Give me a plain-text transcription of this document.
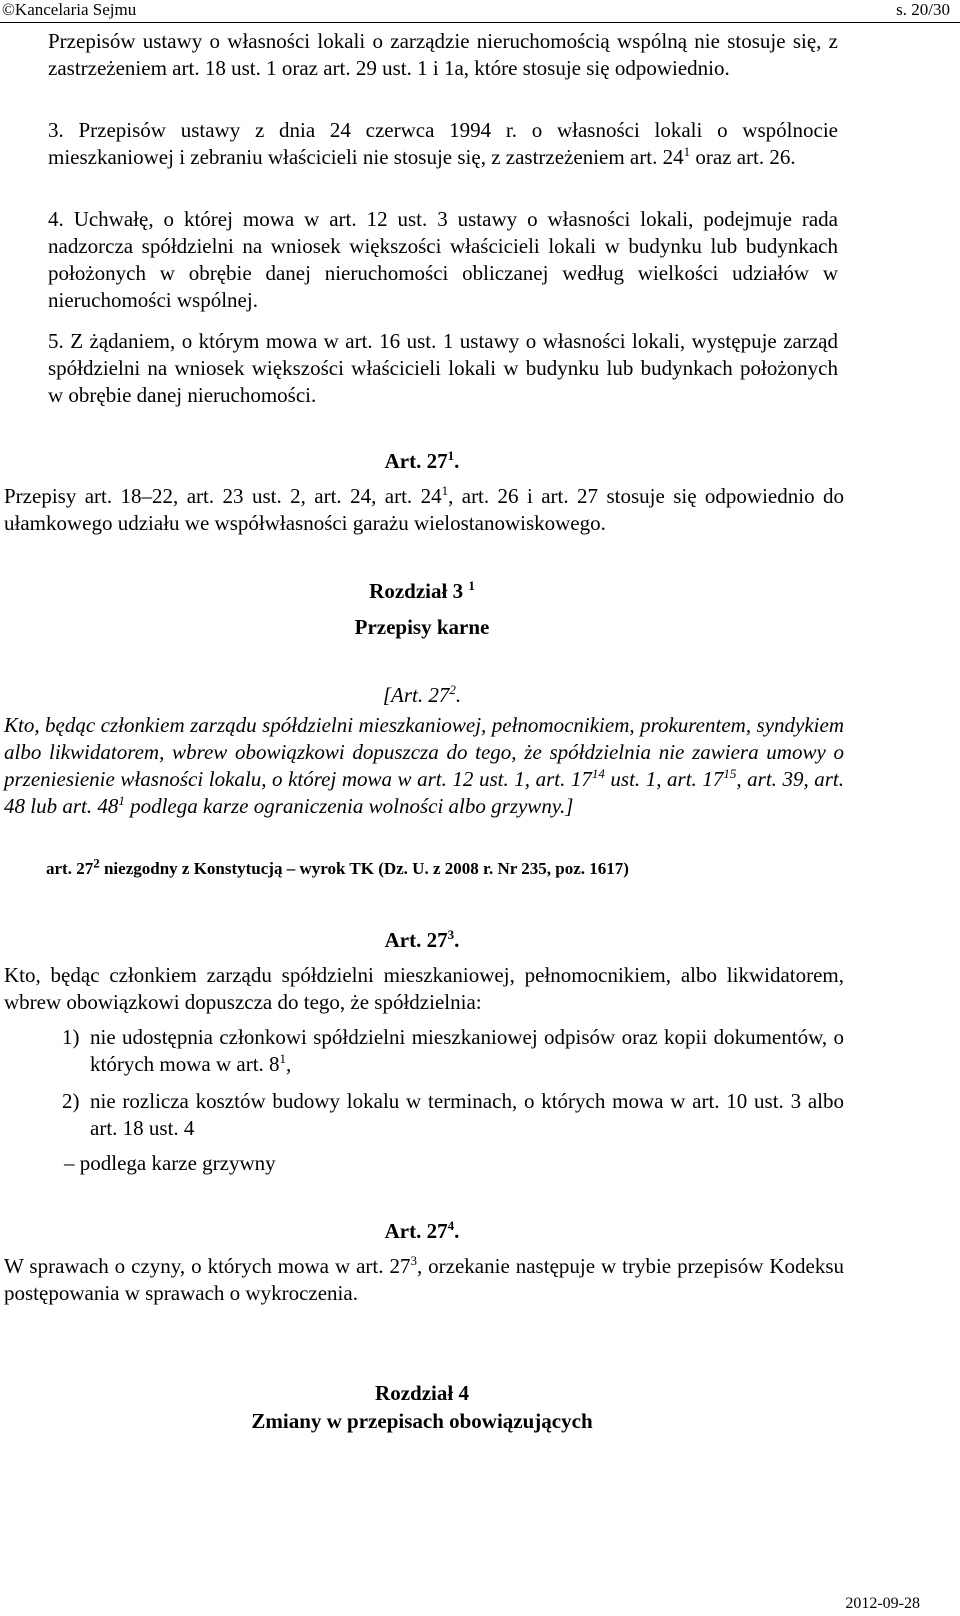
©Kancelaria Sejmu	s. 20/30
Przepisów ustawy o własności lokali o zarządzie nieruchomością wspólną nie stosuje się, z zastrzeżeniem art. 18 ust. 1 oraz art. 29 ust. 1 i 1a, które stosuje się odpowiednio.
3. Przepisów ustawy z dnia 24 czerwca 1994 r. o własności lokali o wspólnocie mieszkaniowej i zebraniu właścicieli nie stosuje się, z zastrzeżeniem art. $24^1$ oraz art. 26.
4. Uchwałę, o której mowa w art. 12 ust. 3 ustawy o własności lokali, podejmuje rada nadzorcza spółdzielni na wniosek większości właścicieli lokali w budynku lub budynkach położonych w obrębie danej nieruchomości obliczanej według wielkości udziałów w nieruchomości wspólnej.
5. Z żądaniem, o którym mowa w art. 16 ust. 1 ustawy o własności lokali, występuje zarząd spółdzielni na wniosek większości właścicieli lokali w budynku lub budynkach położonych w obrębie danej nieruchomości.
Art. $27^1$.
Przepisy art. 18–22, art. 23 ust. 2, art. 24, art. $24^1$, art. 26 i art. 27 stosuje się odpowiednio do ułamkowego udziału we współwłasności garażu wielostanowiskowego.
Rozdział 3 $^1$
Przepisy karne
[Art. $27^2$.
Kto, będąc członkiem zarządu spółdzielni mieszkaniowej, pełnomocnikiem, prokurentem, syndykiem albo likwidatorem, wbrew obowiązkowi dopuszcza do tego, że spółdzielnia nie zawiera umowy o przeniesienie własności lokalu, o której mowa w art. 12 ust. 1, art. $17^{14}$ ust. 1, art. $17^{15}$, art. 39, art. 48 lub art. $48^1$ podlega karze ograniczenia wolności albo grzywny.]
art. $27^2$ niezgodny z Konstytucją – wyrok TK (Dz. U. z 2008 r. Nr 235, poz. 1617)
Art. $27^3$.
Kto, będąc członkiem zarządu spółdzielni mieszkaniowej, pełnomocnikiem, albo likwidatorem, wbrew obowiązkowi dopuszcza do tego, że spółdzielnia:
1) nie udostępnia członkowi spółdzielni mieszkaniowej odpisów oraz kopii dokumentów, o których mowa w art. $8^1$,
2) nie rozlicza kosztów budowy lokalu w terminach, o których mowa w art. 10 ust. 3 albo art. 18 ust. 4
– podlega karze grzywny
Art. $27^4$.
W sprawach o czyny, o których mowa w art. $27^3$, orzekanie następuje w trybie przepisów Kodeksu postępowania w sprawach o wykroczenia.
Rozdział 4
Zmiany w przepisach obowiązujących
2012-09-28
